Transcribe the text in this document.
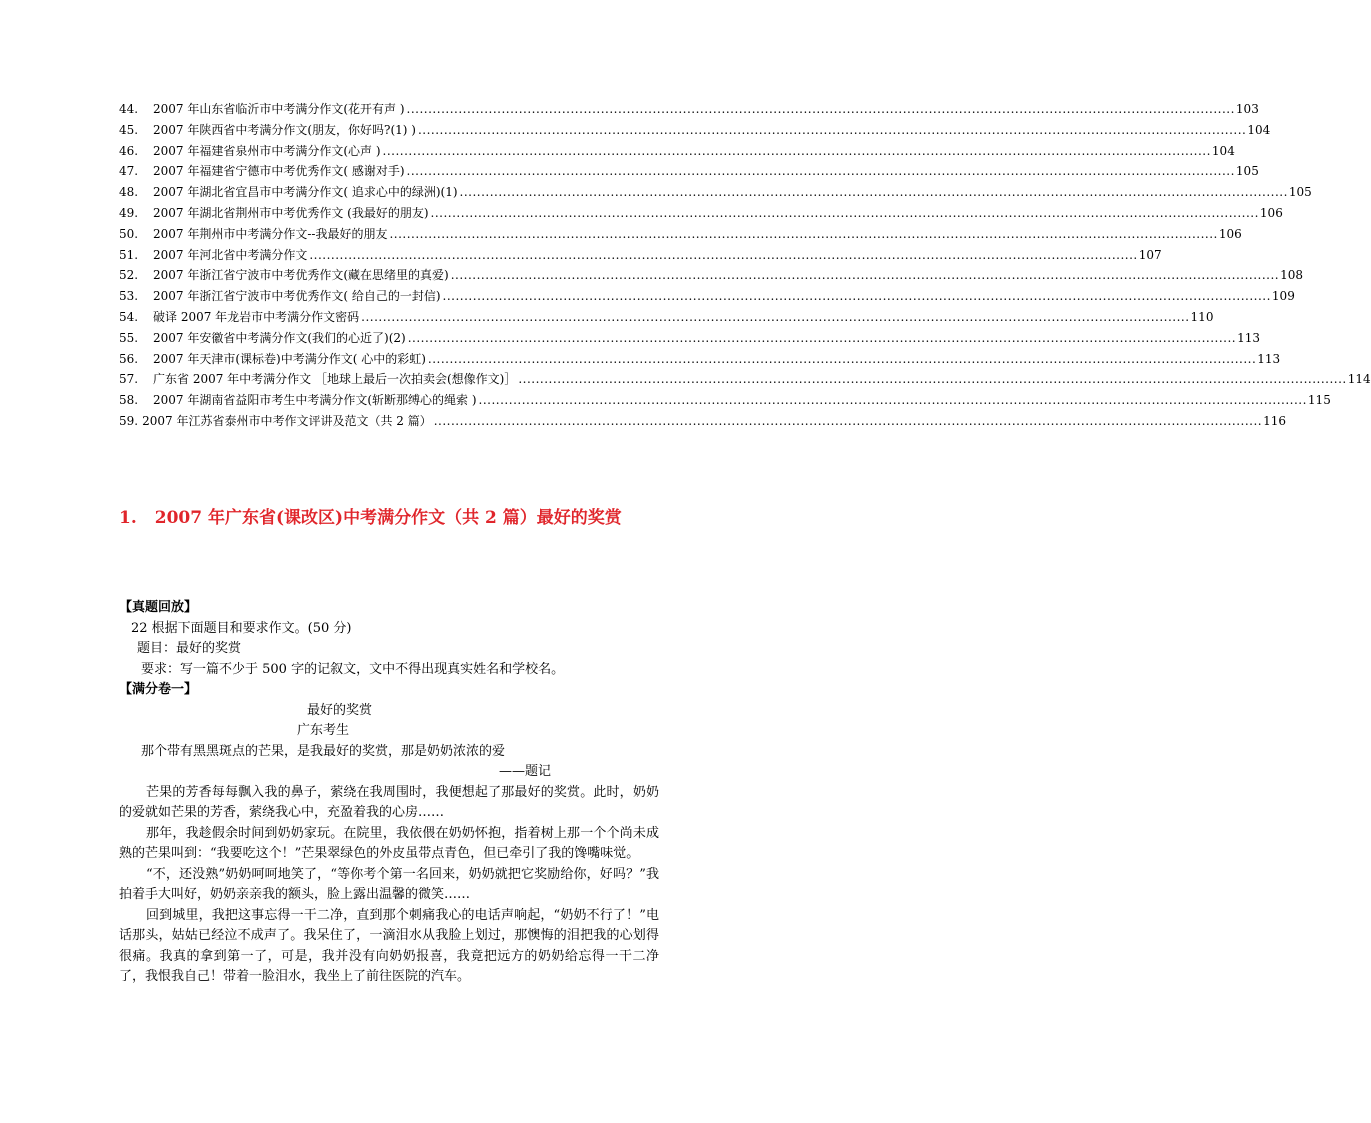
44.	2007 年山东省临沂市中考满分作文(花开有声 ) .....	103
45.	2007 年陕西省中考满分作文(朋友，你好吗?(1) ) .....	104
46.	2007 年福建省泉州市中考满分作文(心声 ) .....	104
47.	2007 年福建省宁德市中考优秀作文( 感谢对手) .....	105
48.	2007 年湖北省宜昌市中考满分作文( 追求心中的绿洲)(1) .....	105
49.	2007 年湖北省荆州市中考优秀作文 (我最好的朋友) .....	106
50.	2007 年荆州市中考满分作文--我最好的朋友 .....	106
51.	2007 年河北省中考满分作文 .....	107
52.	2007 年浙江省宁波市中考优秀作文(藏在思绪里的真爱) .....	108
53.	2007 年浙江省宁波市中考优秀作文( 给自己的一封信) .....	109
54.	破译 2007 年龙岩市中考满分作文密码 .....	110
55.	2007 年安徽省中考满分作文(我们的心近了)(2) .....	113
56.	2007 年天津市(课标卷)中考满分作文( 心中的彩虹) .....	113
57.	广东省 2007 年中考满分作文 ［地球上最后一次拍卖会(想像作文)］ .....	114
58.	2007 年湖南省益阳市考生中考满分作文(斩断那缚心的绳索 ) .....	115
59. 2007 年江苏省泰州市中考作文评讲及范文（共 2 篇） .....	116
1. 2007 年广东省(课改区)中考满分作文（共 2 篇）最好的奖赏
【真题回放】
22 根据下面题目和要求作文。(50 分)
题目：最好的奖赏
要求：写一篇不少于 500 字的记叙文，文中不得出现真实姓名和学校名。
【满分卷一】
最好的奖赏
广东考生
那个带有黑黑斑点的芒果，是我最好的奖赏，那是奶奶浓浓的爱
——题记
芒果的芳香每每飘入我的鼻子，萦绕在我周围时，我便想起了那最好的奖赏。此时，奶奶的爱就如芒果的芳香，萦绕我心中，充盈着我的心房……
那年，我趁假余时间到奶奶家玩。在院里，我依偎在奶奶怀抱，指着树上那一个个尚未成熟的芒果叫到：“我要吃这个！”芒果翠绿色的外皮虽带点青色，但已牵引了我的馋嘴味觉。
“不，还没熟”奶奶呵呵地笑了，“等你考个第一名回来，奶奶就把它奖励给你，好吗？”我拍着手大叫好，奶奶亲亲我的额头，脸上露出温馨的微笑……
回到城里，我把这事忘得一干二净，直到那个刺痛我心的电话声响起，“奶奶不行了！”电话那头，姑姑已经泣不成声了。我呆住了，一滴泪水从我脸上划过，那懊悔的泪把我的心划得很痛。我真的拿到第一了，可是，我并没有向奶奶报喜，我竟把远方的奶奶给忘得一干二净了，我恨我自己！带着一脸泪水，我坐上了前往医院的汽车。
